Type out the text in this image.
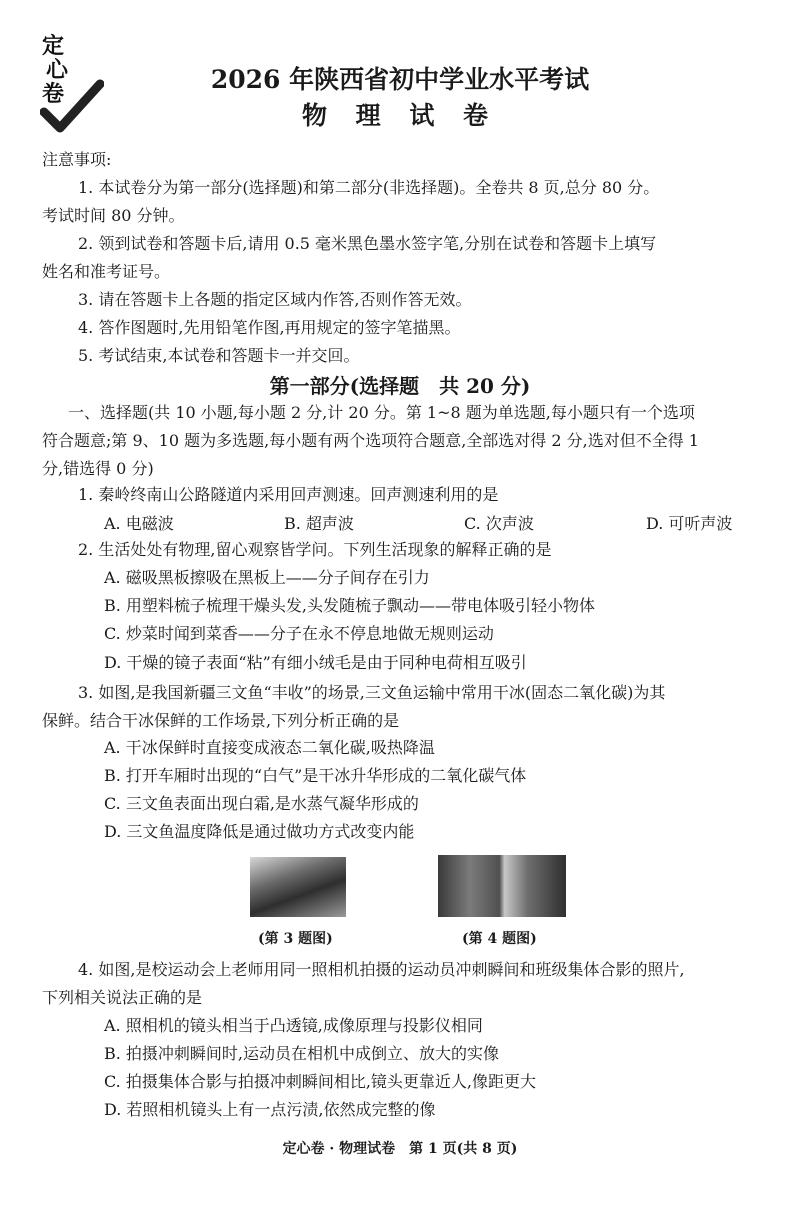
定
心
卷	2026 年陕西省初中学业水平考试
物 理 试 卷
注意事项:
1. 本试卷分为第一部分(选择题)和第二部分(非选择题)。全卷共 8 页,总分 80 分。
考试时间 80 分钟。
2. 领到试卷和答题卡后,请用 0.5 毫米黑色墨水签字笔,分别在试卷和答题卡上填写
姓名和准考证号。
3. 请在答题卡上各题的指定区域内作答,否则作答无效。
4. 答作图题时,先用铅笔作图,再用规定的签字笔描黑。
5. 考试结束,本试卷和答题卡一并交回。
第一部分(选择题　共 20 分)
一、选择题(共 10 小题,每小题 2 分,计 20 分。第 1~8 题为单选题,每小题只有一个选项
符合题意;第 9、10 题为多选题,每小题有两个选项符合题意,全部选对得 2 分,选对但不全得 1
分,错选得 0 分)
1. 秦岭终南山公路隧道内采用回声测速。回声测速利用的是
A. 电磁波	B. 超声波	C. 次声波	D. 可听声波
2. 生活处处有物理,留心观察皆学问。下列生活现象的解释正确的是
A. 磁吸黑板擦吸在黑板上——分子间存在引力
B. 用塑料梳子梳理干燥头发,头发随梳子飘动——带电体吸引轻小物体
C. 炒菜时闻到菜香——分子在永不停息地做无规则运动
D. 干燥的镜子表面“粘”有细小绒毛是由于同种电荷相互吸引
3. 如图,是我国新疆三文鱼“丰收”的场景,三文鱼运输中常用干冰(固态二氧化碳)为其
保鲜。结合干冰保鲜的工作场景,下列分析正确的是
A. 干冰保鲜时直接变成液态二氧化碳,吸热降温
B. 打开车厢时出现的“白气”是干冰升华形成的二氧化碳气体
C. 三文鱼表面出现白霜,是水蒸气凝华形成的
D. 三文鱼温度降低是通过做功方式改变内能
(第 3 题图)	(第 4 题图)
4. 如图,是校运动会上老师用同一照相机拍摄的运动员冲刺瞬间和班级集体合影的照片,
下列相关说法正确的是
A. 照相机的镜头相当于凸透镜,成像原理与投影仪相同
B. 拍摄冲刺瞬间时,运动员在相机中成倒立、放大的实像
C. 拍摄集体合影与拍摄冲刺瞬间相比,镜头更靠近人,像距更大
D. 若照相机镜头上有一点污渍,依然成完整的像
定心卷 · 物理试卷　第 1 页(共 8 页)
